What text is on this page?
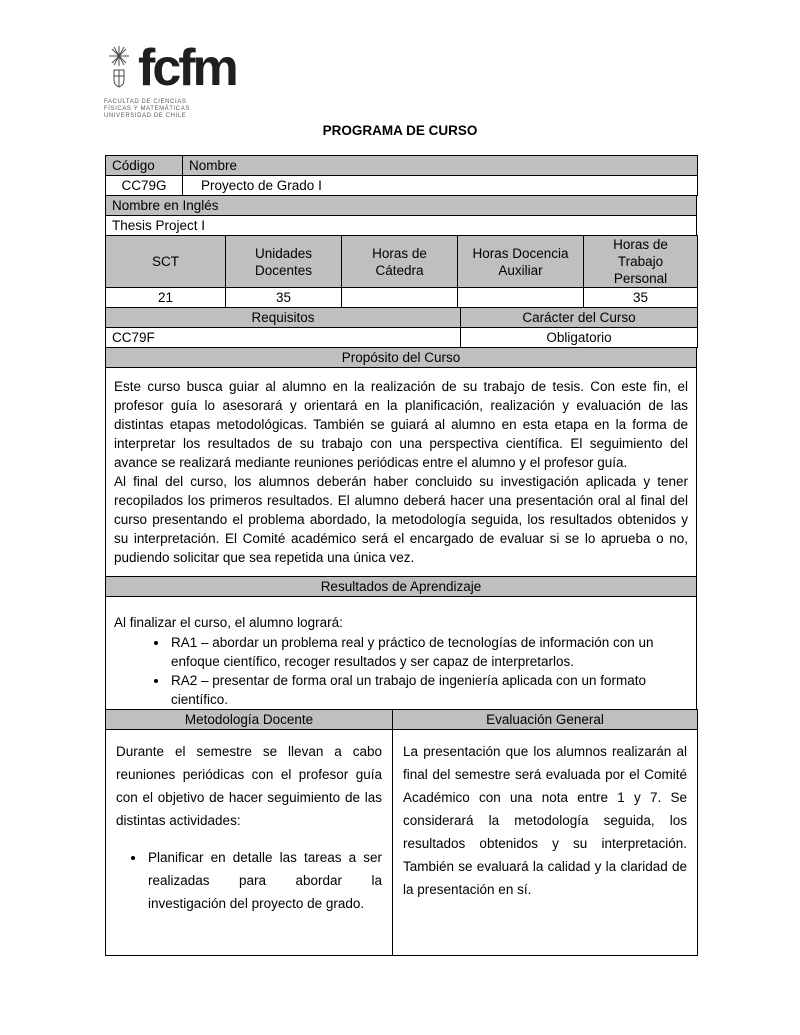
fcfm
FACULTAD DE CIENCIAS
FÍSICAS Y MATEMÁTICAS
UNIVERSIDAD DE CHILE
PROGRAMA DE CURSO
Código	Nombre
CC79G	Proyecto de Grado I
Nombre en Inglés
Thesis Project I
SCT	Unidades Docentes	Horas de Cátedra	Horas Docencia Auxiliar	Horas de Trabajo Personal
21	35			35
Requisitos	Carácter del Curso
CC79F	Obligatorio
Propósito del Curso

Este curso busca guiar al alumno en la realización de su trabajo de tesis. Con este fin, el profesor guía lo asesorará y orientará en la planificación, realización y evaluación de las distintas etapas metodológicas. También se guiará al alumno en esta etapa en la forma de interpretar los resultados de su trabajo con una perspectiva científica. El seguimiento del avance se realizará mediante reuniones periódicas entre el alumno y el profesor guía.

Al final del curso, los alumnos deberán haber concluido su investigación aplicada y tener recopilados los primeros resultados. El alumno deberá hacer una presentación oral al final del curso presentando el problema abordado, la metodología seguida, los resultados obtenidos y su interpretación. El Comité académico será el encargado de evaluar si se lo aprueba o no, pudiendo solicitar que sea repetida una única vez.

Resultados de Aprendizaje
Al finalizar el curso, el alumno logrará:
• RA1 – abordar un problema real y práctico de tecnologías de información con un enfoque científico, recoger resultados y ser capaz de interpretarlos.
• RA2 – presentar de forma oral un trabajo de ingeniería aplicada con un formato científico.
Metodología Docente	Evaluación General

Durante el semestre se llevan a cabo reuniones periódicas con el profesor guía con el objetivo de hacer seguimiento de las distintas actividades:
• Planificar en detalle las tareas a ser realizadas para abordar la investigación del proyecto de grado.

La presentación que los alumnos realizarán al final del semestre será evaluada por el Comité Académico con una nota entre 1 y 7. Se considerará la metodología seguida, los resultados obtenidos y su interpretación. También se evaluará la calidad y la claridad de la presentación en sí.
